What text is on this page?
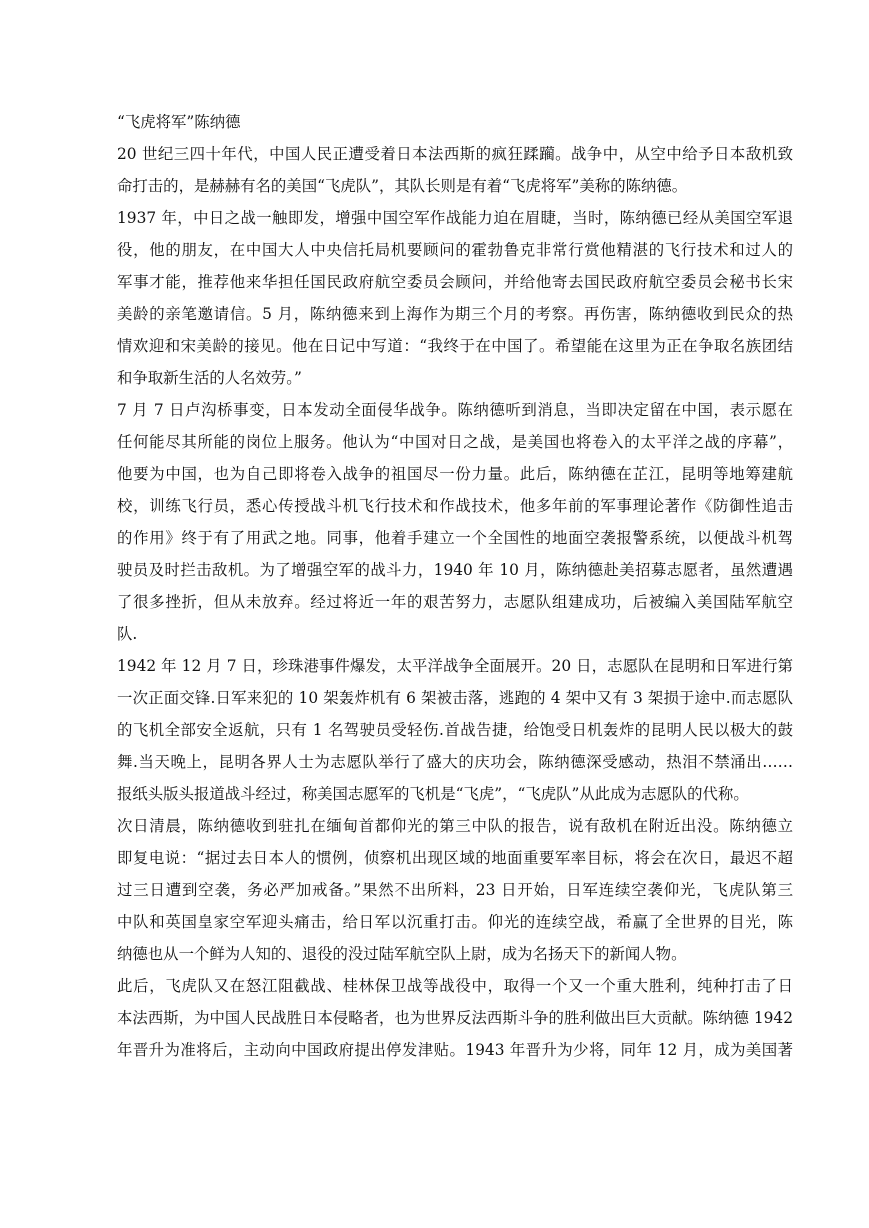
“飞虎将军”陈纳德
20 世纪三四十年代，中国人民正遭受着日本法西斯的疯狂蹂躏。战争中，从空中给予日本敌机致
命打击的，是赫赫有名的美国“飞虎队”，其队长则是有着“飞虎将军”美称的陈纳德。
1937 年，中日之战一触即发，增强中国空军作战能力迫在眉睫，当时，陈纳德已经从美国空军退
役，他的朋友，在中国大人中央信托局机要顾问的霍勃鲁克非常行赏他精湛的飞行技术和过人的
军事才能，推荐他来华担任国民政府航空委员会顾问，并给他寄去国民政府航空委员会秘书长宋
美龄的亲笔邀请信。5 月，陈纳德来到上海作为期三个月的考察。再伤害，陈纳德收到民众的热
情欢迎和宋美龄的接见。他在日记中写道：“我终于在中国了。希望能在这里为正在争取名族团结
和争取新生活的人名效劳。”
7 月 7 日卢沟桥事变，日本发动全面侵华战争。陈纳德听到消息，当即决定留在中国，表示愿在
任何能尽其所能的岗位上服务。他认为“中国对日之战，是美国也将卷入的太平洋之战的序幕”，
他要为中国，也为自己即将卷入战争的祖国尽一份力量。此后，陈纳德在芷江，昆明等地筹建航
校，训练飞行员，悉心传授战斗机飞行技术和作战技术，他多年前的军事理论著作《防御性追击
的作用》终于有了用武之地。同事，他着手建立一个全国性的地面空袭报警系统，以便战斗机驾
驶员及时拦击敌机。为了增强空军的战斗力，1940 年 10 月，陈纳德赴美招募志愿者，虽然遭遇
了很多挫折，但从未放弃。经过将近一年的艰苦努力，志愿队组建成功，后被编入美国陆军航空
队.
1942 年 12 月 7 日，珍珠港事件爆发，太平洋战争全面展开。20 日，志愿队在昆明和日军进行第
一次正面交锋.日军来犯的 10 架轰炸机有 6 架被击落，逃跑的 4 架中又有 3 架损于途中.而志愿队
的飞机全部安全返航，只有 1 名驾驶员受轻伤.首战告捷，给饱受日机轰炸的昆明人民以极大的鼓
舞.当天晚上，昆明各界人士为志愿队举行了盛大的庆功会，陈纳德深受感动，热泪不禁涌出……
报纸头版头报道战斗经过，称美国志愿军的飞机是“飞虎”，“飞虎队”从此成为志愿队的代称。
次日清晨，陈纳德收到驻扎在缅甸首都仰光的第三中队的报告，说有敌机在附近出没。陈纳德立
即复电说：“据过去日本人的惯例，侦察机出现区域的地面重要军率目标，将会在次日，最迟不超
过三日遭到空袭，务必严加戒备。”果然不出所料，23 日开始，日军连续空袭仰光，飞虎队第三
中队和英国皇家空军迎头痛击，给日军以沉重打击。仰光的连续空战，希赢了全世界的目光，陈
纳德也从一个鲜为人知的、退役的没过陆军航空队上尉，成为名扬天下的新闻人物。
此后，飞虎队又在怒江阻截战、桂林保卫战等战役中，取得一个又一个重大胜利，纯种打击了日
本法西斯，为中国人民战胜日本侵略者，也为世界反法西斯斗争的胜利做出巨大贡献。陈纳德 1942
年晋升为准将后，主动向中国政府提出停发津贴。1943 年晋升为少将，同年 12 月，成为美国著
